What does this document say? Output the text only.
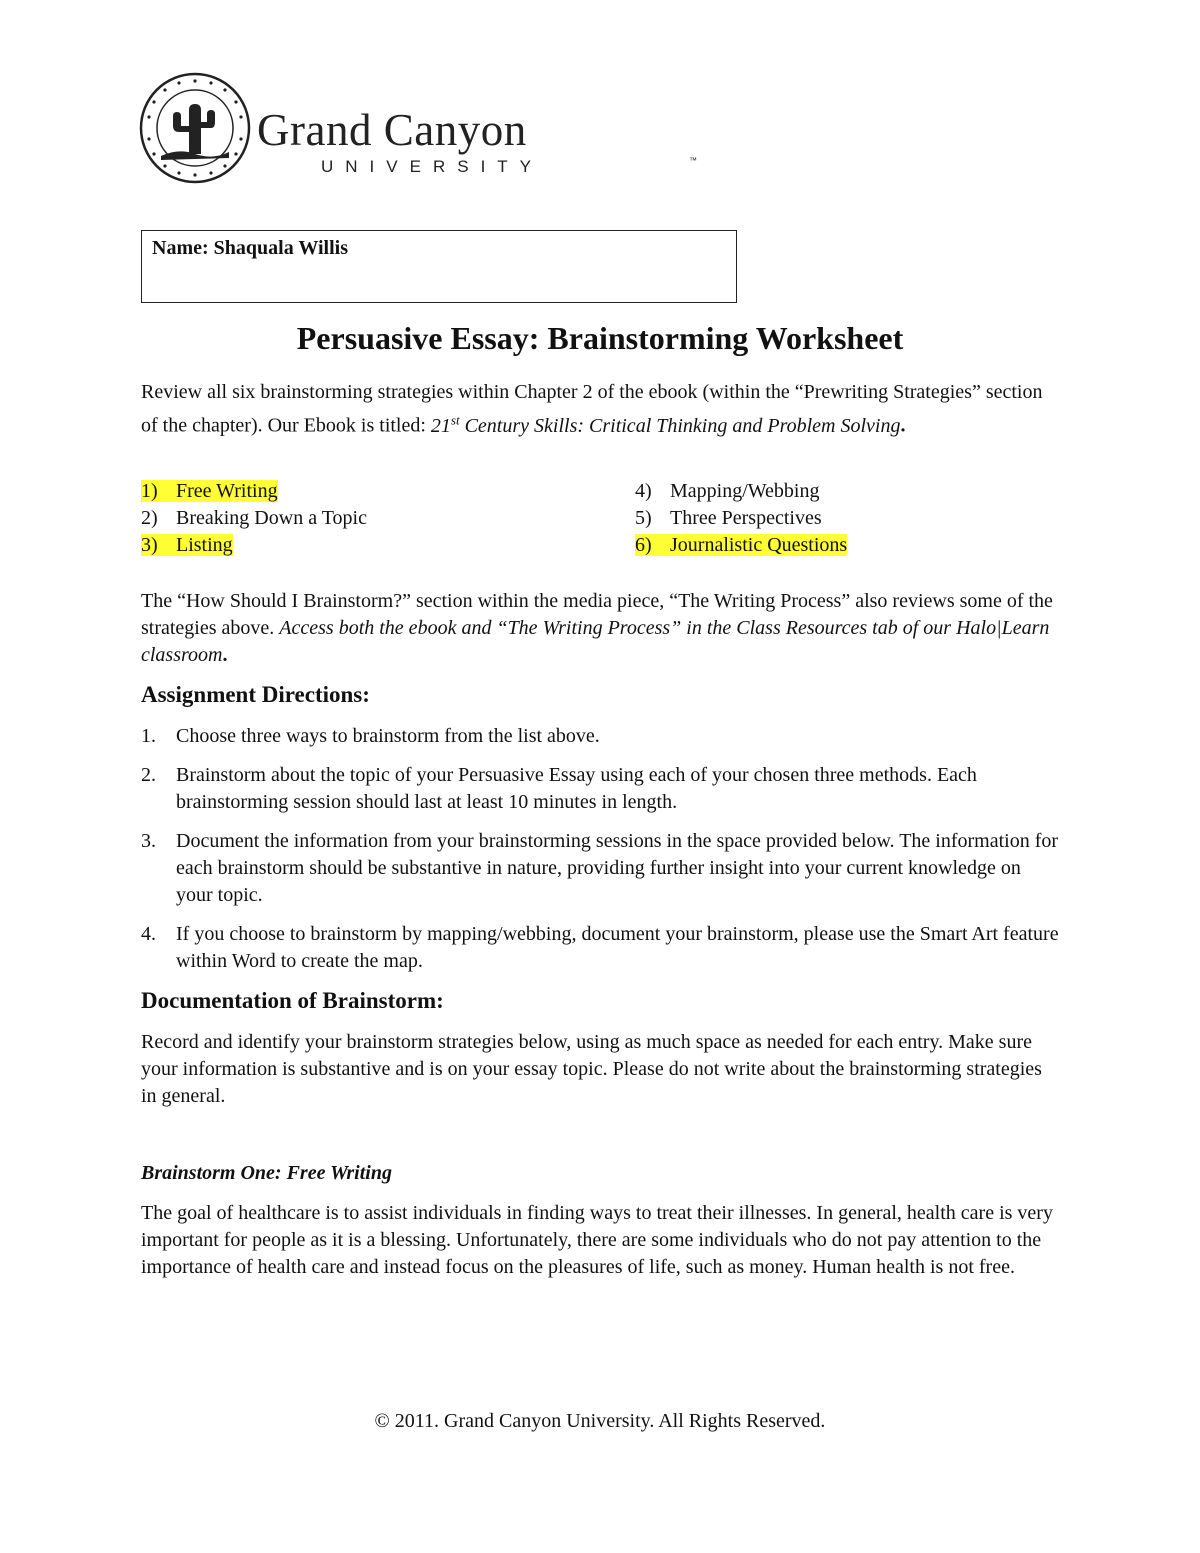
Grand Canyon
UNIVERSITY	™
Name: Shaquala Willis
Persuasive Essay: Brainstorming Worksheet

Review all six brainstorming strategies within Chapter 2 of the ebook (within the “Prewriting Strategies” section of the chapter). Our Ebook is titled: 21st Century Skills: Critical Thinking and Problem Solving.

1) Free Writing
2) Breaking Down a Topic
3) Listing
4) Mapping/Webbing
5) Three Perspectives
6) Journalistic Questions

The “How Should I Brainstorm?” section within the media piece, “The Writing Process” also reviews some of the strategies above. Access both the ebook and “The Writing Process” in the Class Resources tab of our Halo|Learn classroom.

Assignment Directions:
1. Choose three ways to brainstorm from the list above.
2. Brainstorm about the topic of your Persuasive Essay using each of your chosen three methods. Each brainstorming session should last at least 10 minutes in length.
3. Document the information from your brainstorming sessions in the space provided below. The information for each brainstorm should be substantive in nature, providing further insight into your current knowledge on your topic.
4. If you choose to brainstorm by mapping/webbing, document your brainstorm, please use the Smart Art feature within Word to create the map.
Documentation of Brainstorm:

Record and identify your brainstorm strategies below, using as much space as needed for each entry. Make sure your information is substantive and is on your essay topic. Please do not write about the brainstorming strategies in general.

Brainstorm One: Free Writing

The goal of healthcare is to assist individuals in finding ways to treat their illnesses. In general, health care is very important for people as it is a blessing. Unfortunately, there are some individuals who do not pay attention to the importance of health care and instead focus on the pleasures of life, such as money. Human health is not free.

© 2011. Grand Canyon University. All Rights Reserved.
